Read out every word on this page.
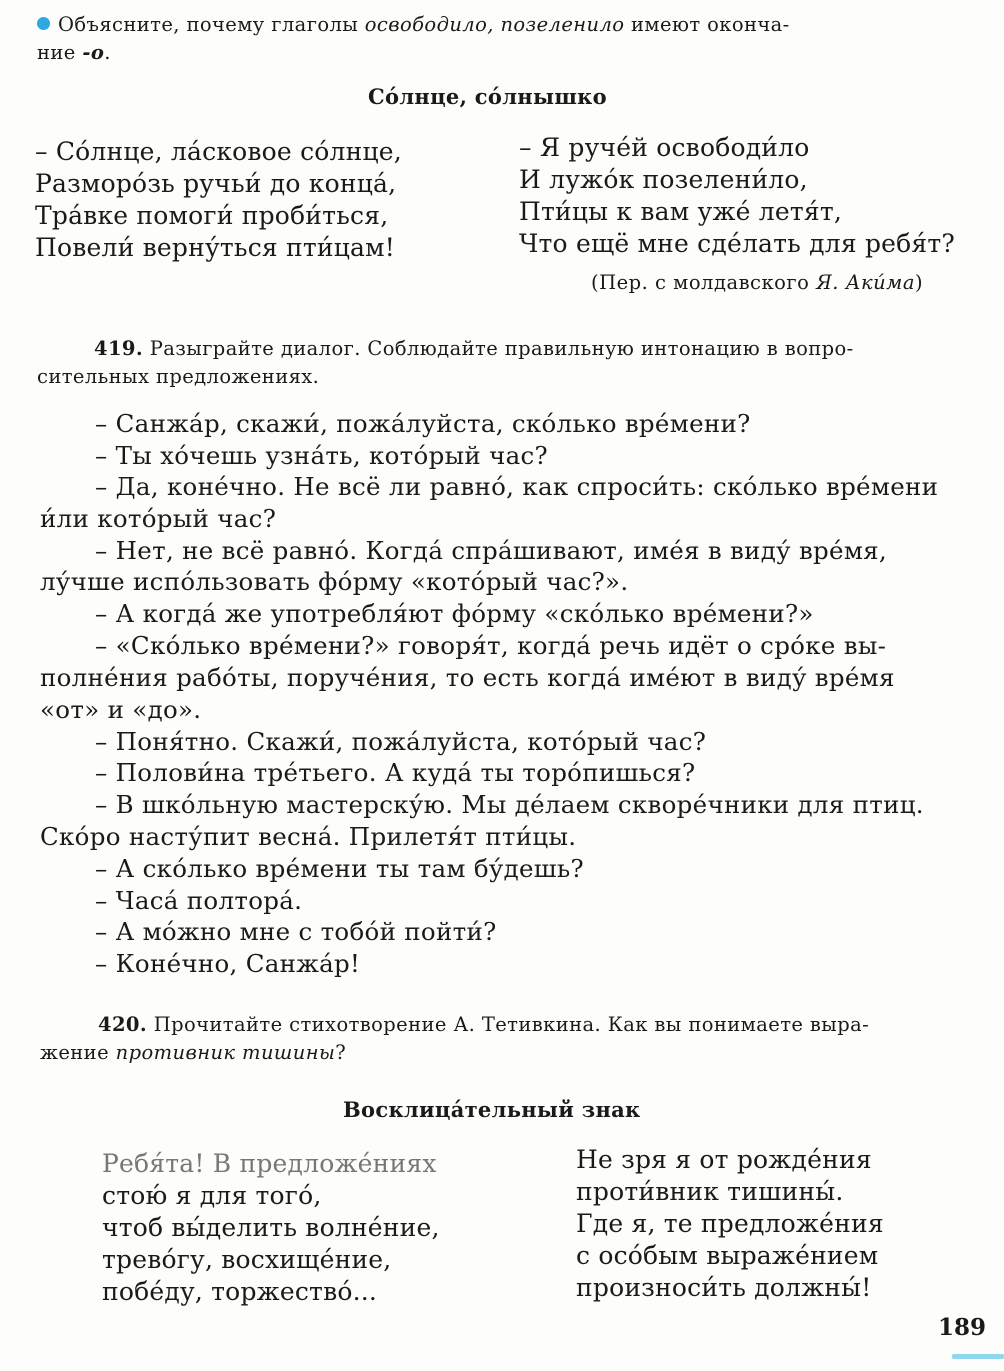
Объясните, почему глаголы освободило, позеленило имеют оконча-
ние -о.
Со́лнце, со́лнышко
– Со́лнце, ла́сковое со́лнце,
Разморо́зь ручьи́ до конца́,
Тра́вке помоги́ проби́ться,
Повели́ верну́ться пти́цам!
– Я руче́й освободи́ло
И лужо́к позелени́ло,
Пти́цы к вам уже́ летя́т,
Что ещё мне сде́лать для ребя́т?
(Пер. с молдавского Я. Аки́ма)
419. Разыграйте диалог. Соблюдайте правильную интонацию в вопро-
сительных предложениях.
– Санжа́р, скажи́, пожа́луйста, ско́лько вре́мени?
– Ты хо́чешь узна́ть, кото́рый час?
– Да, коне́чно. Не всё ли равно́, как спроси́ть: ско́лько вре́мени
и́ли кото́рый час?
– Нет, не всё равно́. Когда́ спра́шивают, име́я в виду́ вре́мя,
лу́чше испо́льзовать фо́рму «кото́рый час?».
– А когда́ же употребля́ют фо́рму «ско́лько вре́мени?»
– «Ско́лько вре́мени?» говоря́т, когда́ речь идёт о сро́ке вы-
полне́ния рабо́ты, поруче́ния, то есть когда́ име́ют в виду́ вре́мя
«от» и «до».
– Поня́тно. Скажи́, пожа́луйста, кото́рый час?
– Полови́на тре́тьего. А куда́ ты торо́пишься?
– В шко́льную мастерску́ю. Мы де́лаем скворе́чники для птиц.
Ско́ро насту́пит весна́. Прилетя́т пти́цы.
– А ско́лько вре́мени ты там бу́дешь?
– Часа́ полтора́.
– А мо́жно мне с тобо́й пойти́?
– Коне́чно, Санжа́р!
420. Прочитайте стихотворение А. Тетивкина. Как вы понимаете выра-
жение противник тишины?
Восклица́тельный знак
Ребя́та! В предложе́ниях
стою́ я для того́,
чтоб вы́делить волне́ние,
трево́гу, восхище́ние,
побе́ду, торжество́...
Не зря я от рожде́ния
проти́вник тишины́.
Где я, те предложе́ния
с осо́бым выраже́нием
произноси́ть должны́!
189
